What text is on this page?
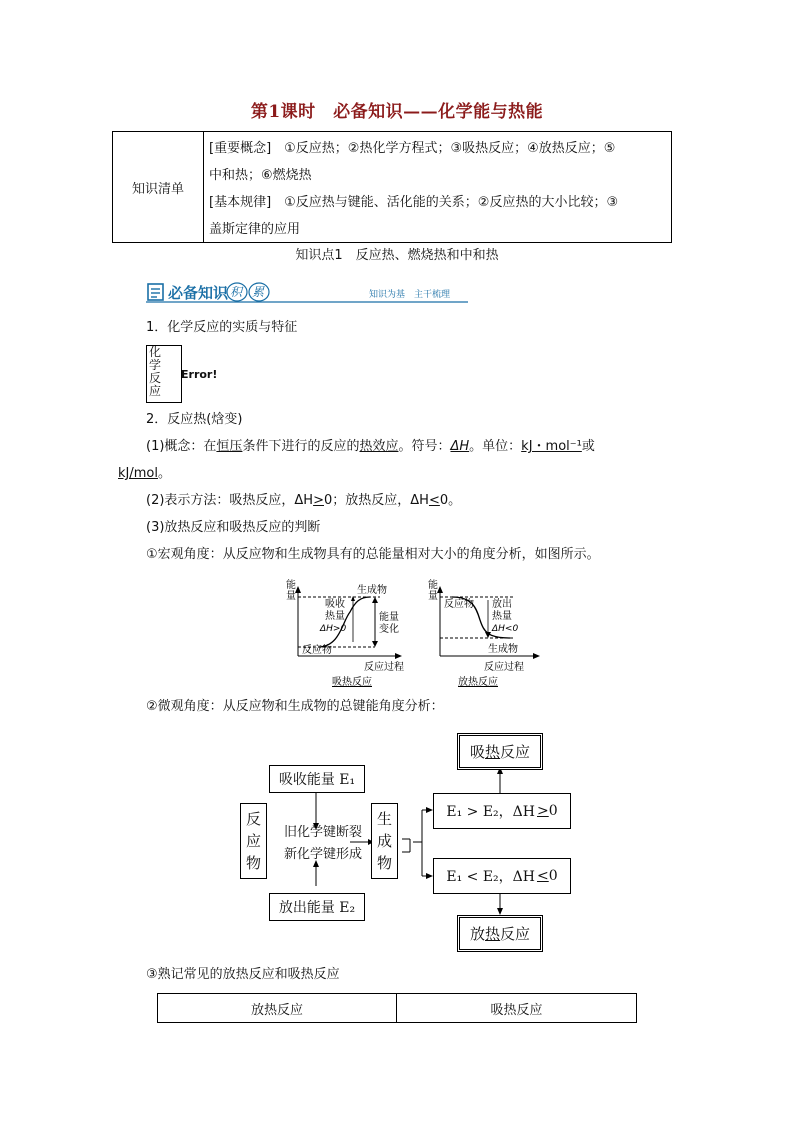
第1课时　必备知识——化学能与热能
知识清单
[重要概念]　①反应热；②热化学方程式；③吸热反应；④放热反应；⑤
中和热；⑥燃烧热
[基本规律]　①反应热与键能、活化能的关系；②反应热的大小比较；③
盖斯定律的应用
知识点1　反应热、燃烧热和中和热
必备知识 积 累	知识为基　主干梳理
1．化学反应的实质与特征
化
学
反
应
Error!
2．反应热(焓变)
(1)概念：在恒压条件下进行的反应的热效应。符号：ΔH。单位：kJ・mol⁻¹或
kJ/mol。
(2)表示方法：吸热反应，ΔH>0；放热反应，ΔH<0。
(3)放热反应和吸热反应的判断
①宏观角度：从反应物和生成物具有的总能量相对大小的角度分析，如图所示。
能
量
生成物
吸收
热量
ΔH>0
能量
变化
反应物
反应过程
吸热反应
能
量
反应物 放出
热量
ΔH<0
生成物
反应过程
放热反应
②微观角度：从反应物和生成物的总键能角度分析：
吸收能量 E₁
放出能量 E₂
反
应
物
旧化学键断裂
新化学键形成
生
成
物
E₁ > E₂，ΔH > 0
E₁ < E₂，ΔH < 0
吸 热 反应
放 热 反应
③熟记常见的放热反应和吸热反应
放热反应	吸热反应
